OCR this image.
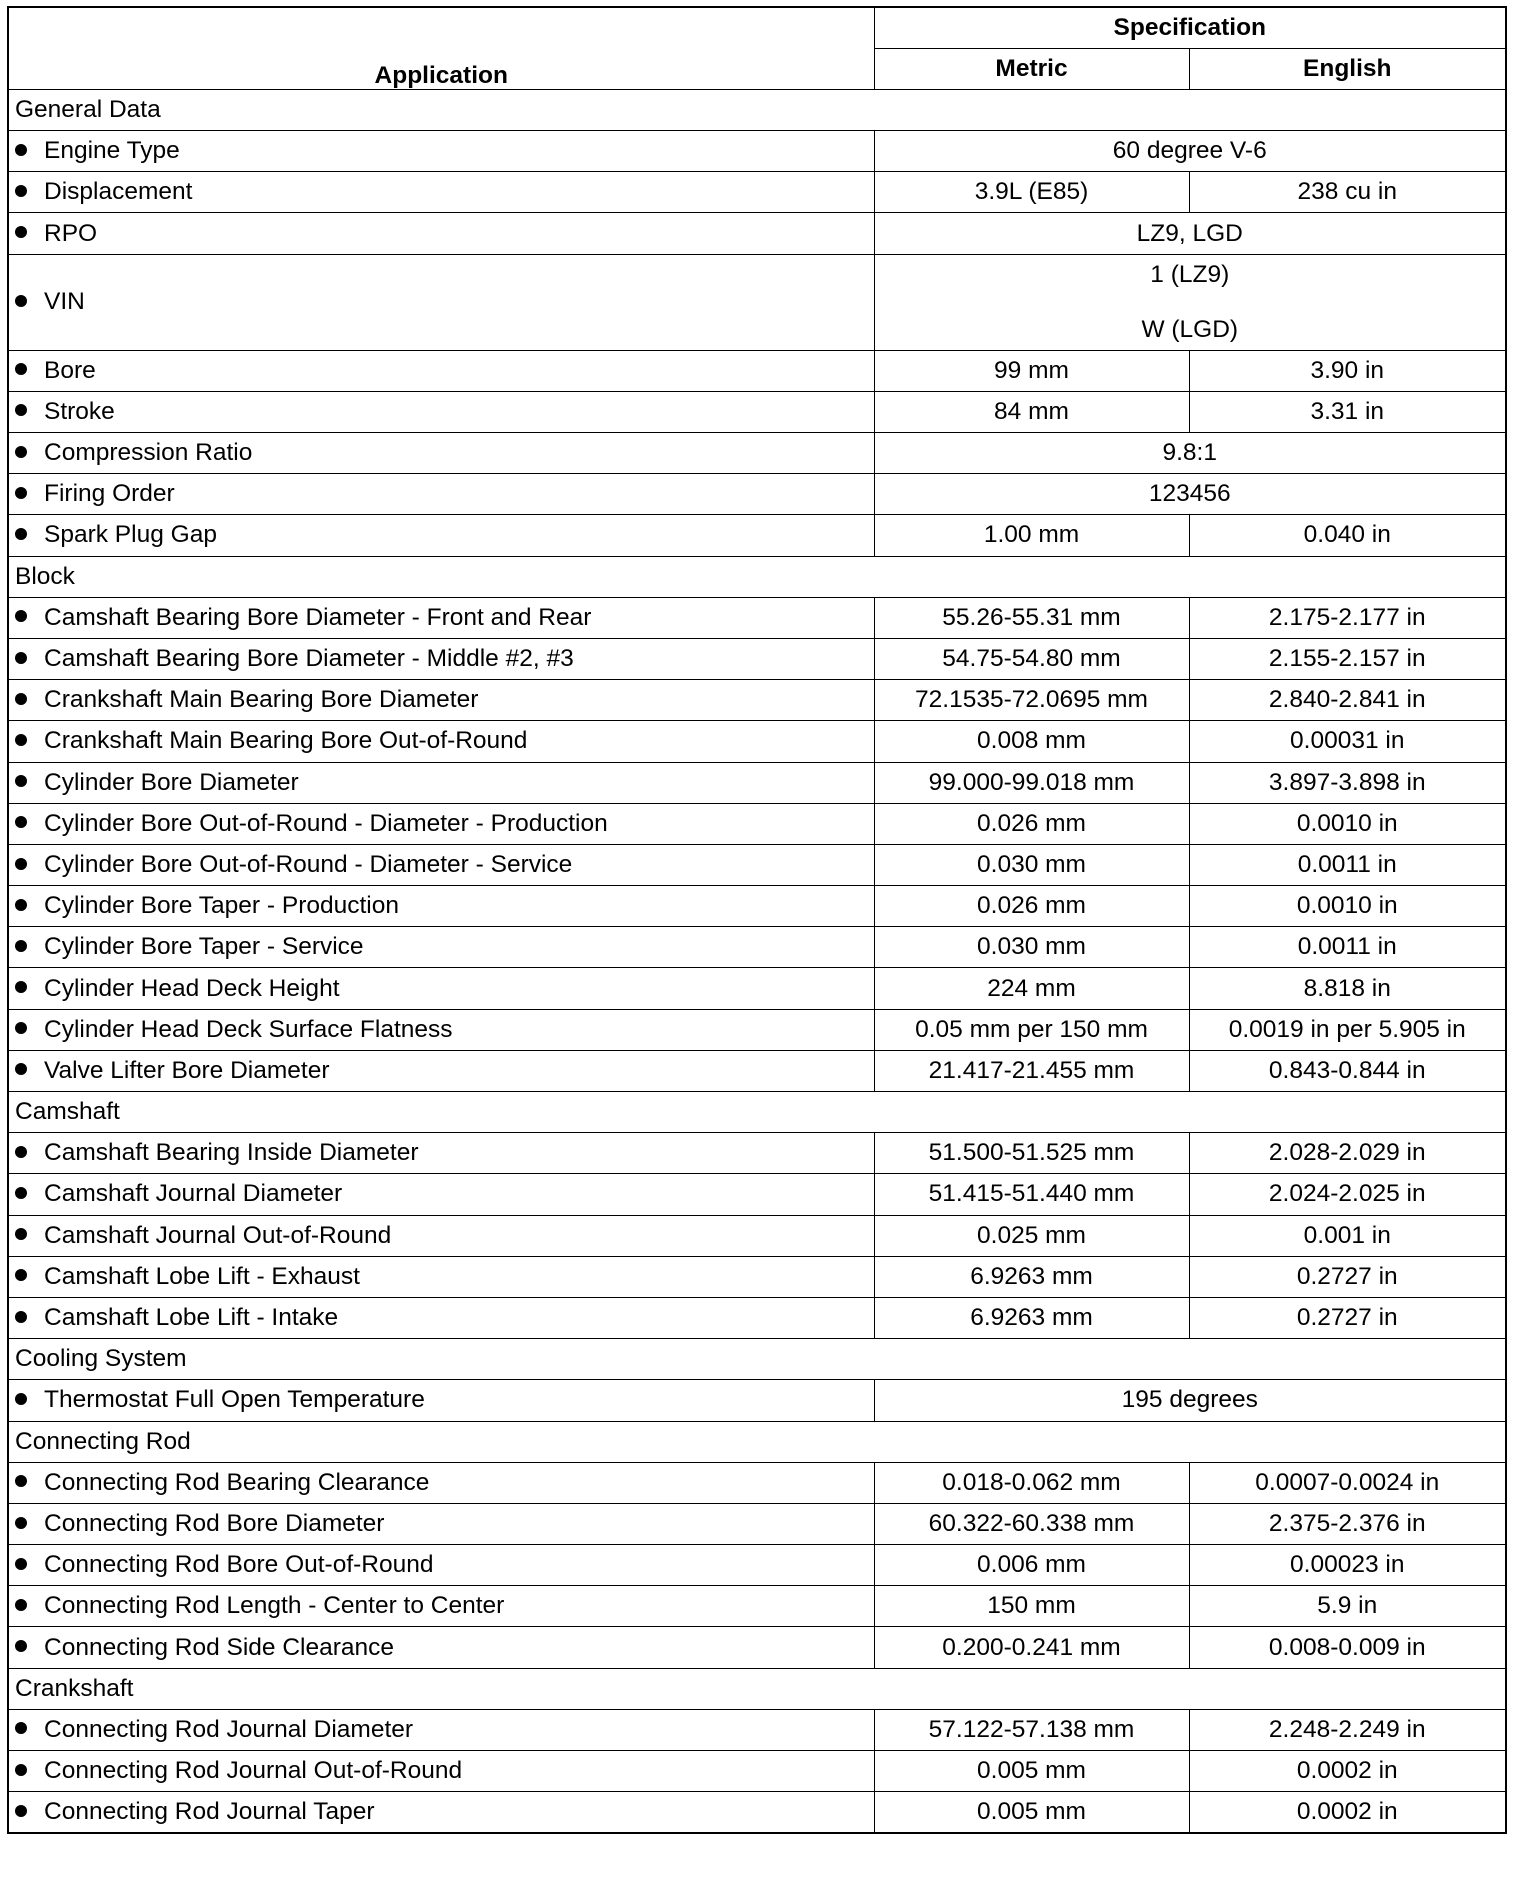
Application	Specification	
	Metric	English
General Data		
Engine Type	60 degree V-6	
Displacement	3.9L (E85)	238 cu in
RPO	LZ9, LGD	
VIN	1 (LZ9)
W (LGD)	

Bore	99 mm	3.90 in
Stroke	84 mm	3.31 in
Compression Ratio	9.8:1	
Firing Order	123456	
Spark Plug Gap	1.00 mm	0.040 in
Block		
Camshaft Bearing Bore Diameter - Front and Rear	55.26-55.31 mm	2.175-2.177 in
Camshaft Bearing Bore Diameter - Middle #2, #3	54.75-54.80 mm	2.155-2.157 in
Crankshaft Main Bearing Bore Diameter	72.1535-72.0695 mm	2.840-2.841 in
Crankshaft Main Bearing Bore Out-of-Round	0.008 mm	0.00031 in
Cylinder Bore Diameter	99.000-99.018 mm	3.897-3.898 in
Cylinder Bore Out-of-Round - Diameter - Production	0.026 mm	0.0010 in
Cylinder Bore Out-of-Round - Diameter - Service	0.030 mm	0.0011 in
Cylinder Bore Taper - Production	0.026 mm	0.0010 in
Cylinder Bore Taper - Service	0.030 mm	0.0011 in
Cylinder Head Deck Height	224 mm	8.818 in
Cylinder Head Deck Surface Flatness	0.05 mm per 150 mm	0.0019 in per 5.905 in
Valve Lifter Bore Diameter	21.417-21.455 mm	0.843-0.844 in
Camshaft		
Camshaft Bearing Inside Diameter	51.500-51.525 mm	2.028-2.029 in
Camshaft Journal Diameter	51.415-51.440 mm	2.024-2.025 in
Camshaft Journal Out-of-Round	0.025 mm	0.001 in
Camshaft Lobe Lift - Exhaust	6.9263 mm	0.2727 in
Camshaft Lobe Lift - Intake	6.9263 mm	0.2727 in
Cooling System		
Thermostat Full Open Temperature	195 degrees	
Connecting Rod		
Connecting Rod Bearing Clearance	0.018-0.062 mm	0.0007-0.0024 in
Connecting Rod Bore Diameter	60.322-60.338 mm	2.375-2.376 in
Connecting Rod Bore Out-of-Round	0.006 mm	0.00023 in
Connecting Rod Length - Center to Center	150 mm	5.9 in
Connecting Rod Side Clearance	0.200-0.241 mm	0.008-0.009 in
Crankshaft		
Connecting Rod Journal Diameter	57.122-57.138 mm	2.248-2.249 in
Connecting Rod Journal Out-of-Round	0.005 mm	0.0002 in
Connecting Rod Journal Taper	0.005 mm	0.0002 in
